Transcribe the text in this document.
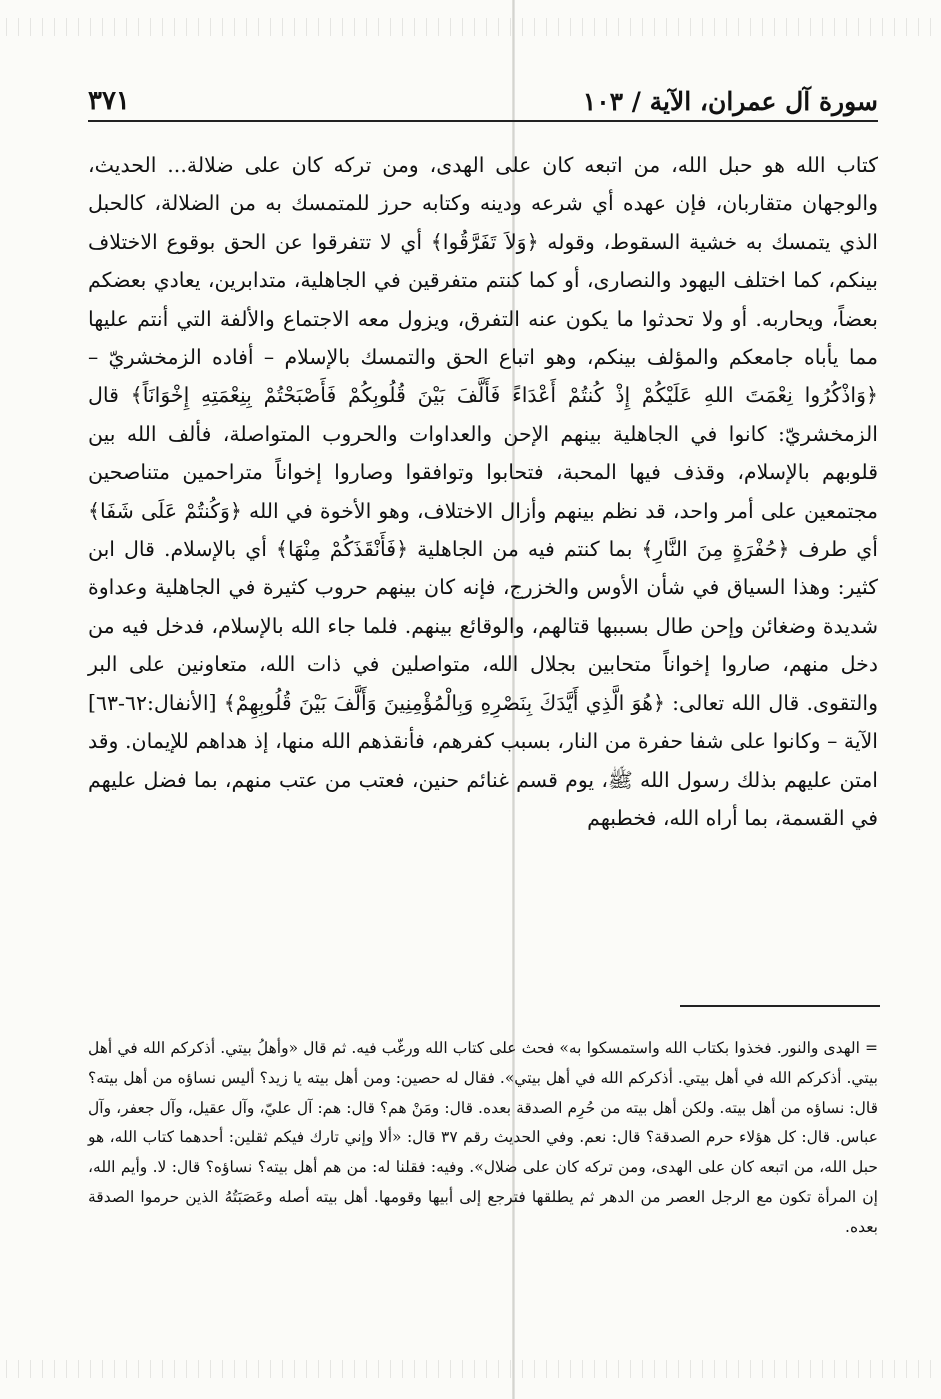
سورة آل عمران، الآية / ١٠٣
٣٧١

كتاب الله هو حبل الله، من اتبعه كان على الهدى، ومن تركه كان على ضلالة... الحديث، والوجهان متقاربان، فإن عهده أي شرعه ودينه وكتابه حرز للمتمسك به من الضلالة، كالحبل الذي يتمسك به خشية السقوط، وقوله ﴿وَلاَ تَفَرَّقُوا﴾ أي لا تتفرقوا عن الحق بوقوع الاختلاف بينكم، كما اختلف اليهود والنصارى، أو كما كنتم متفرقين في الجاهلية، متدابرين، يعادي بعضكم بعضاً، ويحاربه. أو ولا تحدثوا ما يكون عنه التفرق، ويزول معه الاجتماع والألفة التي أنتم عليها مما يأباه جامعكم والمؤلف بينكم، وهو اتباع الحق والتمسك بالإسلام – أفاده الزمخشريّ – ﴿وَاذْكُرُوا نِعْمَتَ اللهِ عَلَيْكُمْ إِذْ كُنتُمْ أَعْدَاءً فَأَلَّفَ بَيْنَ قُلُوبِكُمْ فَأَصْبَحْتُمْ بِنِعْمَتِهِ إِخْوَانَاً﴾ قال الزمخشريّ: كانوا في الجاهلية بينهم الإحن والعداوات والحروب المتواصلة، فألف الله بين قلوبهم بالإسلام، وقذف فيها المحبة، فتحابوا وتوافقوا وصاروا إخواناً متراحمين متناصحين مجتمعين على أمر واحد، قد نظم بينهم وأزال الاختلاف، وهو الأخوة في الله ﴿وَكُنتُمْ عَلَى شَفَا﴾ أي طرف ﴿حُفْرَةٍ مِنَ النَّارِ﴾ بما كنتم فيه من الجاهلية ﴿فَأَنْقَذَكُمْ مِنْهَا﴾ أي بالإسلام. قال ابن كثير: وهذا السياق في شأن الأوس والخزرج، فإنه كان بينهم حروب كثيرة في الجاهلية وعداوة شديدة وضغائن وإحن طال بسببها قتالهم، والوقائع بينهم. فلما جاء الله بالإسلام، فدخل فيه من دخل منهم، صاروا إخواناً متحابين بجلال الله، متواصلين في ذات الله، متعاونين على البر والتقوى. قال الله تعالى: ﴿هُوَ الَّذِي أَيَّدَكَ بِنَصْرِهِ وَبِالْمُؤْمِنِينَ وَأَلَّفَ بَيْنَ قُلُوبِهِمْ﴾ [الأنفال:٦٢-٦٣] الآية – وكانوا على شفا حفرة من النار، بسبب كفرهم، فأنقذهم الله منها، إذ هداهم للإيمان. وقد امتن عليهم بذلك رسول الله ﷺ، يوم قسم غنائم حنين، فعتب من عتب منهم، بما فضل عليهم في القسمة، بما أراه الله، فخطبهم

= الهدى والنور. فخذوا بكتاب الله واستمسكوا به» فحث على كتاب الله ورغّب فيه. ثم قال «وأهلُ بيتي. أذكركم الله في أهل بيتي. أذكركم الله في أهل بيتي. أذكركم الله في أهل بيتي». فقال له حصين: ومن أهل بيته يا زيد؟ أليس نساؤه من أهل بيته؟ قال: نساؤه من أهل بيته. ولكن أهل بيته من حُرِم الصدقة بعده. قال: ومَنْ هم؟ قال: هم: آل عليّ، وآل عقيل، وآل جعفر، وآل عباس. قال: كل هؤلاء حرم الصدقة؟ قال: نعم. وفي الحديث رقم ٣٧ قال: «ألا وإني تارك فيكم ثقلين: أحدهما كتاب الله، هو حبل الله، من اتبعه كان على الهدى، ومن تركه كان على ضلال». وفيه: فقلنا له: من هم أهل بيته؟ نساؤه؟ قال: لا. وأيم الله، إن المرأة تكون مع الرجل العصر من الدهر ثم يطلقها فترجع إلى أبيها وقومها. أهل بيته أصله وعَصَبَتُهُ الذين حرموا الصدقة بعده.
